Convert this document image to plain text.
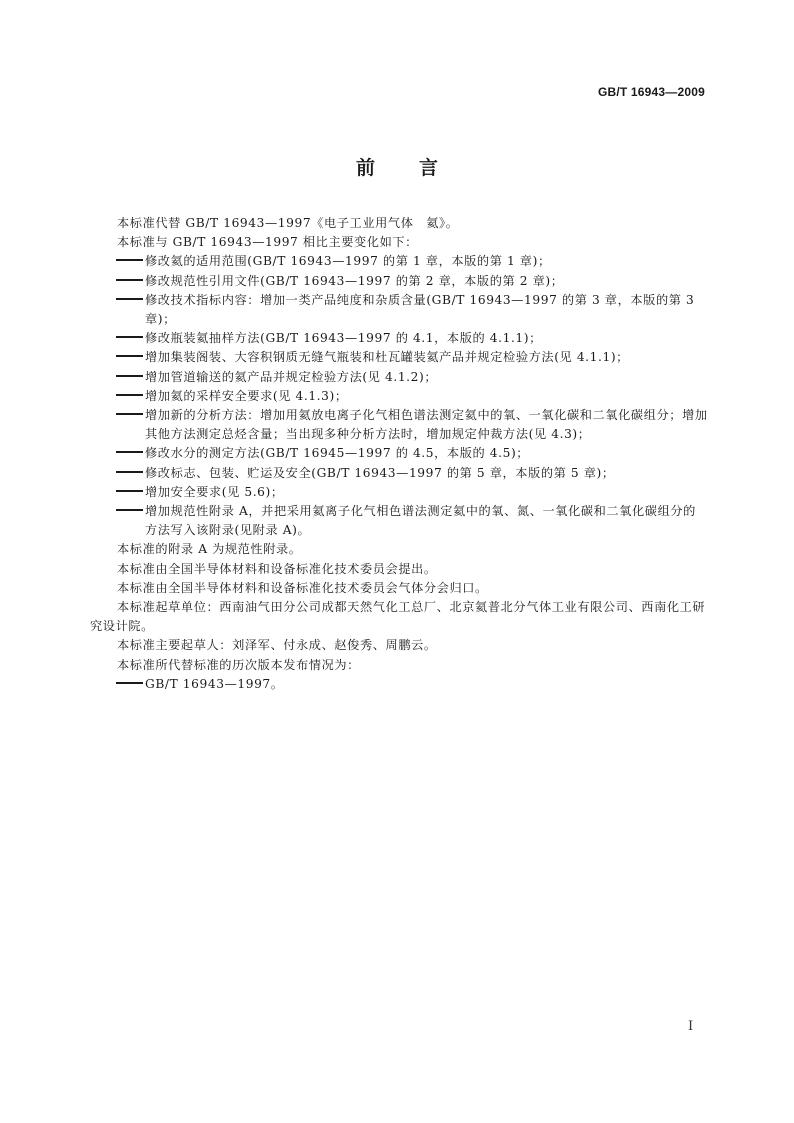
GB/T 16943—2009
前 言

本标准代替 GB/T 16943—1997《电子工业用气体　氦》。

本标准与 GB/T 16943—1997 相比主要变化如下：

修改氦的适用范围(GB/T 16943—1997 的第 1 章，本版的第 1 章)；

修改规范性引用文件(GB/T 16943—1997 的第 2 章，本版的第 2 章)；

修改技术指标内容：增加一类产品纯度和杂质含量(GB/T 16943—1997 的第 3 章，本版的第 3 章)；

修改瓶装氦抽样方法(GB/T 16943—1997 的 4.1，本版的 4.1.1)；

增加集装阁装、大容积钢质无缝气瓶装和杜瓦罐装氦产品并规定检验方法(见 4.1.1)；

增加管道输送的氦产品并规定检验方法(见 4.1.2)；

增加氦的采样安全要求(见 4.1.3)；

增加新的分析方法：增加用氦放电离子化气相色谱法测定氦中的氧、一氧化碳和二氧化碳组分；增加其他方法测定总烃含量；当出现多种分析方法时，增加规定仲裁方法(见 4.3)；

修改水分的测定方法(GB/T 16945—1997 的 4.5，本版的 4.5)；

修改标志、包装、贮运及安全(GB/T 16943—1997 的第 5 章，本版的第 5 章)；

增加安全要求(见 5.6)；

增加规范性附录 A，并把采用氦离子化气相色谱法测定氦中的氧、氮、一氧化碳和二氧化碳组分的方法写入该附录(见附录 A)。

本标准的附录 A 为规范性附录。

本标准由全国半导体材料和设备标准化技术委员会提出。

本标准由全国半导体材料和设备标准化技术委员会气体分会归口。

本标准起草单位：西南油气田分公司成都天然气化工总厂、北京氦普北分气体工业有限公司、西南化工研究设计院。

本标准主要起草人：刘泽军、付永成、赵俊秀、周鹏云。

本标准所代替标准的历次版本发布情况为：

GB/T 16943—1997。

I
